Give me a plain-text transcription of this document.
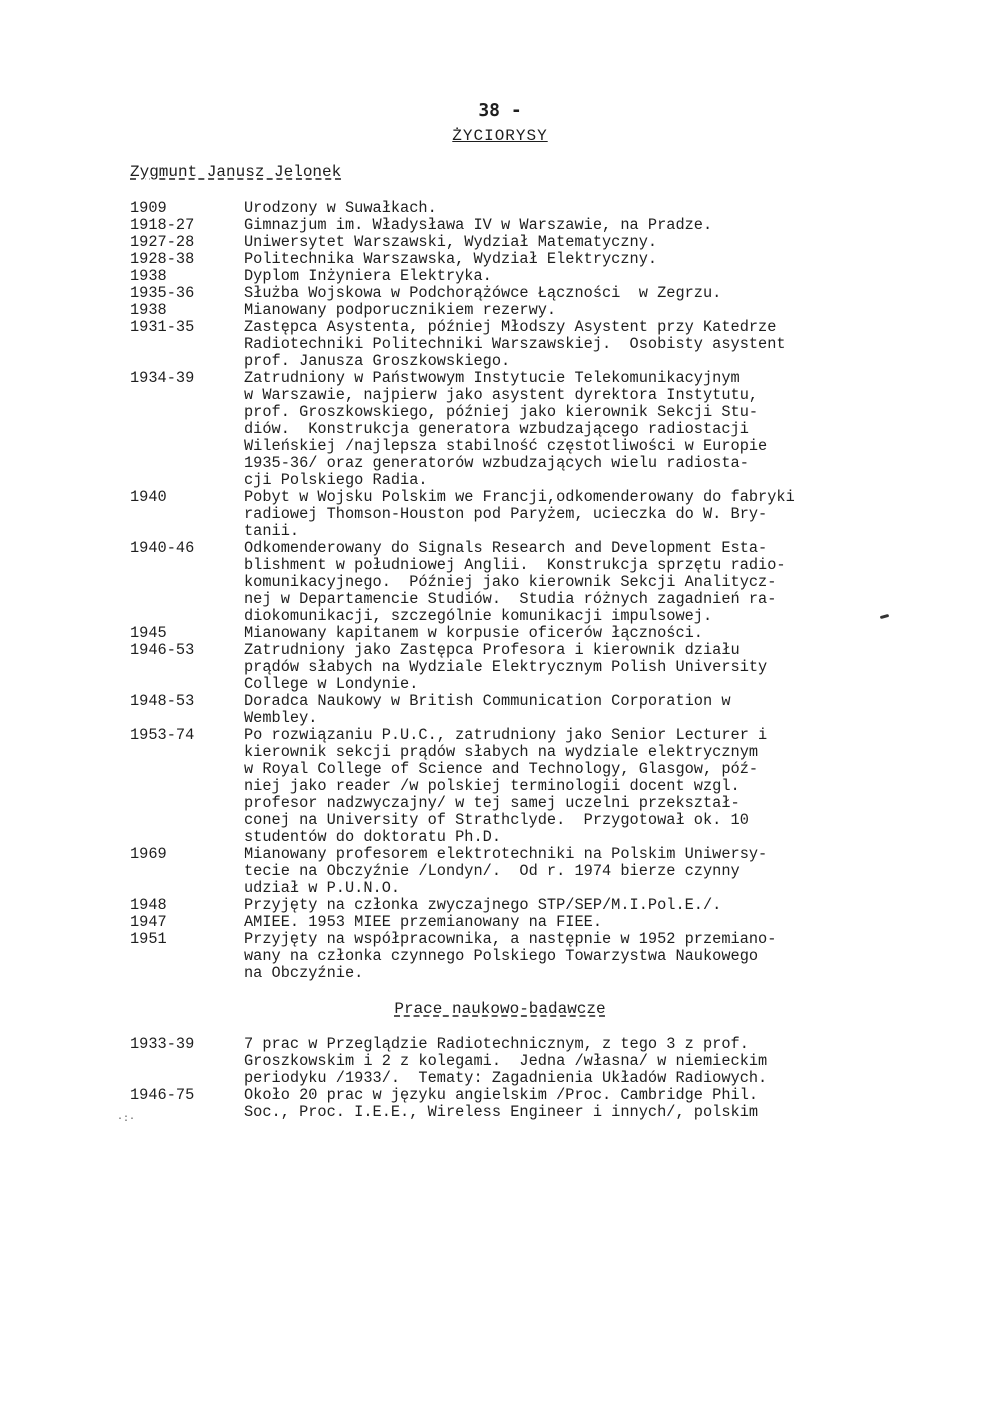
38 -
ŻYCIORYSY
Zygmunt Janusz Jelonek
1909	Urodzony w Suwałkach.
1918-27	Gimnazjum im. Władysława IV w Warszawie, na Pradze.
1927-28	Uniwersytet Warszawski, Wydział Matematyczny.
1928-38	Politechnika Warszawska, Wydział Elektryczny.
1938	Dyplom Inżyniera Elektryka.
1935-36	Służba Wojskowa w Podchorążówce Łączności  w Zegrzu.
1938	Mianowany podporucznikiem rezerwy.
1931-35	Zastępca Asystenta, później Młodszy Asystent przy Katedrze
Radiotechniki Politechniki Warszawskiej.  Osobisty asystent
prof. Janusza Groszkowskiego.
1934-39	Zatrudniony w Państwowym Instytucie Telekomunikacyjnym
w Warszawie, najpierw jako asystent dyrektora Instytutu,
prof. Groszkowskiego, później jako kierownik Sekcji Stu-
diów.  Konstrukcja generatora wzbudzającego radiostacji
Wileńskiej /najlepsza stabilność częstotliwości w Europie
1935-36/ oraz generatorów wzbudzających wielu radiosta-
cji Polskiego Radia.
1940	Pobyt w Wojsku Polskim we Francji,odkomenderowany do fabryki
radiowej Thomson-Houston pod Paryżem, ucieczka do W. Bry-
tanii.
1940-46	Odkomenderowany do Signals Research and Development Esta-
blishment w południowej Anglii.  Konstrukcja sprzętu radio-
komunikacyjnego.  Później jako kierownik Sekcji Analitycz-
nej w Departamencie Studiów.  Studia różnych zagadnień ra-
diokomunikacji, szczególnie komunikacji impulsowej.
1945	Mianowany kapitanem w korpusie oficerów łączności.
1946-53	Zatrudniony jako Zastępca Profesora i kierownik działu
prądów słabych na Wydziale Elektrycznym Polish University
College w Londynie.
1948-53	Doradca Naukowy w British Communication Corporation w
Wembley.
1953-74	Po rozwiązaniu P.U.C., zatrudniony jako Senior Lecturer i
kierownik sekcji prądów słabych na wydziale elektrycznym
w Royal College of Science and Technology, Glasgow, póź-
niej jako reader /w polskiej terminologii docent wzgl.
profesor nadzwyczajny/ w tej samej uczelni przekształ-
conej na University of Strathclyde.  Przygotował ok. 10
studentów do doktoratu Ph.D.
1969	Mianowany profesorem elektrotechniki na Polskim Uniwersy-
tecie na Obczyźnie /Londyn/.  Od r. 1974 bierze czynny
udział w P.U.N.O.
1948	Przyjęty na członka zwyczajnego STP/SEP/M.I.Pol.E./.
1947	AMIEE. 1953 MIEE przemianowany na FIEE.
1951	Przyjęty na współpracownika, a następnie w 1952 przemiano-
wany na członka czynnego Polskiego Towarzystwa Naukowego
na Obczyźnie.
Prace naukowo-badawcze
1933-39	7 prac w Przeglądzie Radiotechnicznym, z tego 3 z prof.
Groszkowskim i 2 z kolegami.  Jedna /własna/ w niemieckim
periodyku /1933/.  Tematy: Zagadnienia Układów Radiowych.
1946-75	Około 20 prac w języku angielskim /Proc. Cambridge Phil.
Soc., Proc. I.E.E., Wireless Engineer i innych/, polskim
·:·
